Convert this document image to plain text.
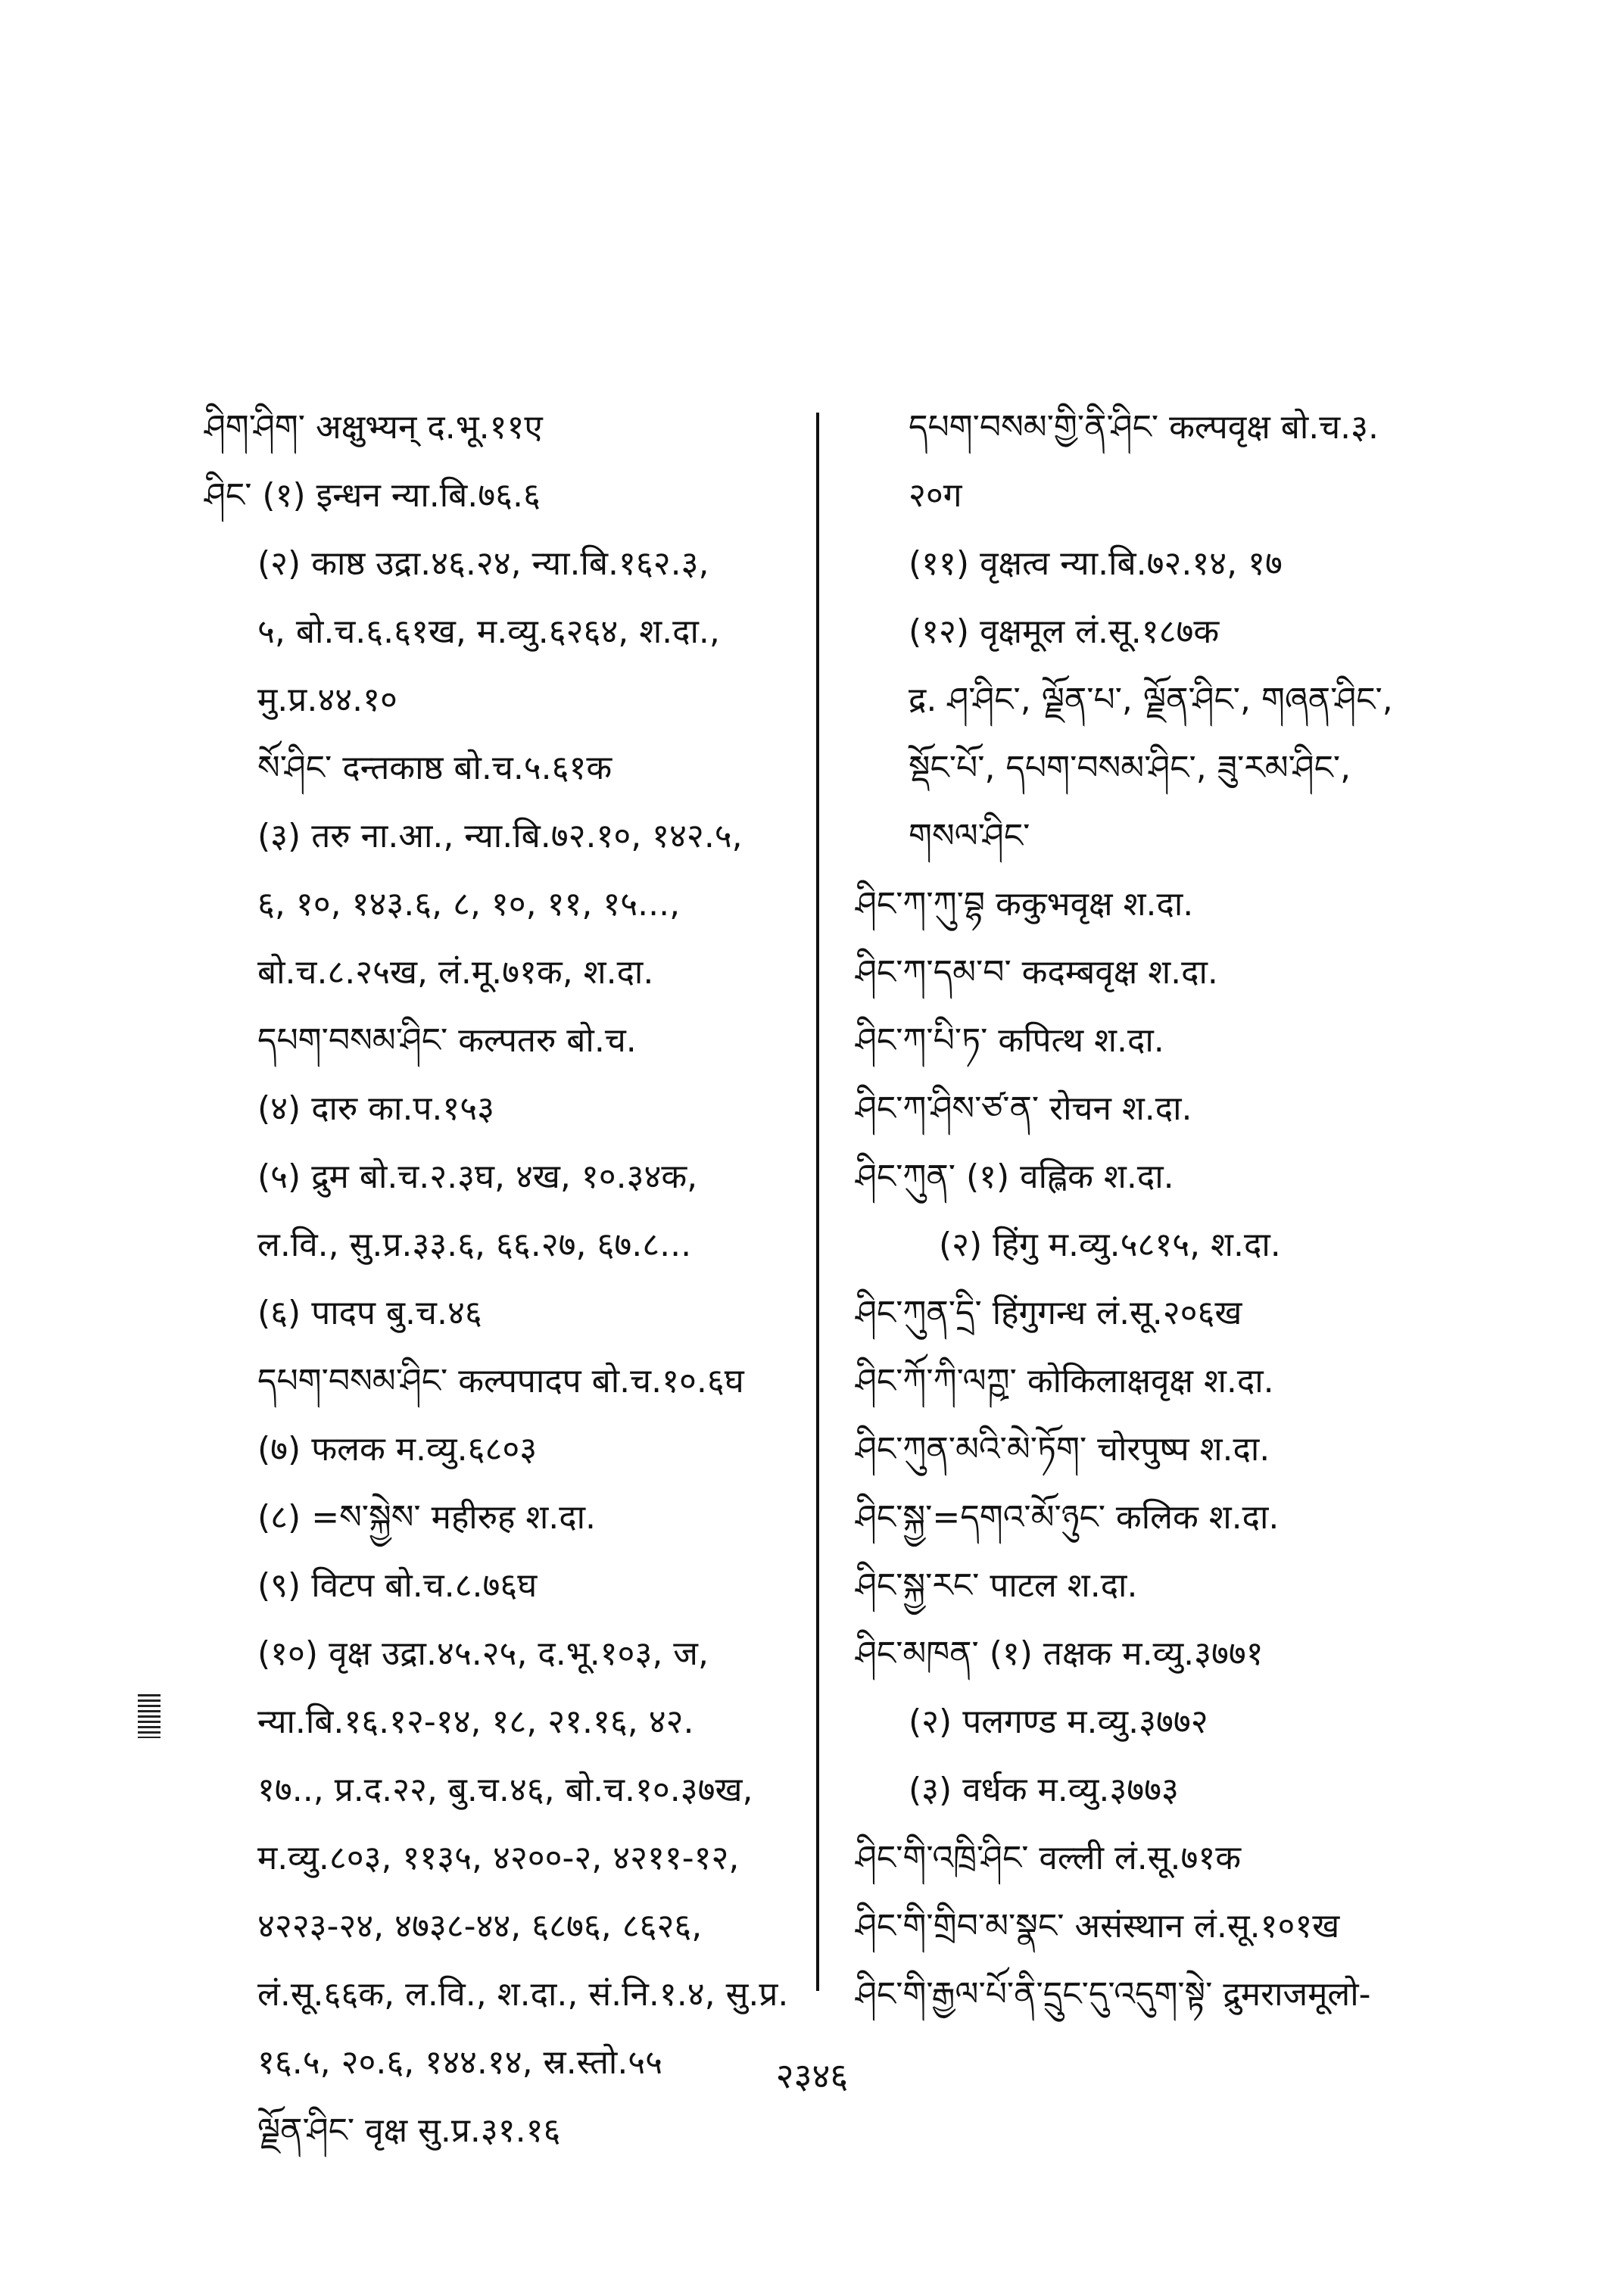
ཤིག་ཤིག་ अक्षुभ्यन् द.भू.११ए
ཤིང་ (१) इन्धन न्या.बि.७६.६
(२) काष्ठ उद्रा.४६.२४, न्या.बि.१६२.३,
५, बो.च.६.६१ख, म.व्यु.६२६४, श.दा.,
मु.प्र.४४.१०
སོ་ཤིང་ दन्तकाष्ठ बो.च.५.६१क
(३) तरु ना.आ., न्या.बि.७२.१०, १४२.५,
६, १०, १४३.६, ८, १०, ११, १५...,
बो.च.८.२५ख, लं.मू.७१क, श.दा.
དཔག་བསམ་ཤིང་ कल्पतरु बो.च.
(४) दारु का.प.१५३
(५) द्रुम बो.च.२.३घ, ४ख, १०.३४क,
ल.वि., सु.प्र.३३.६, ६६.२७, ६७.८...
(६) पादप बु.च.४६
དཔག་བསམ་ཤིང་ कल्पपादप बो.च.१०.६घ
(७) फलक म.व्यु.६८०३
(८) =ས་སྐྱེས་ महीरुह श.दा.
(९) विटप बो.च.८.७६घ
(१०) वृक्ष उद्रा.४५.२५, द.भू.१०३, ज,
न्या.बि.१६.१२-१४, १८, २१.१६, ४२.
१७.., प्र.द.२२, बु.च.४६, बो.च.१०.३७ख,
म.व्यु.८०३, ११३५, ४२००-२, ४२११-१२,
४२२३-२४, ४७३८-४४, ६८७६, ८६२६,
लं.सू.६६क, ल.वि., श.दा., सं.नि.१.४, सु.प्र.
१६.५, २०.६, १४४.१४, स्र.स्तो.५५
ལྗོན་ཤིང་ वृक्ष सु.प्र.३१.१६
དཔག་བསམ་གྱི་ནི་ཤིང་ कल्पवृक्ष बो.च.३.
२०ग
(११) वृक्षत्व न्या.बि.७२.१४, १७
(१२) वृक्षमूल लं.सू.१८७क
द्र. ཤ་ཤིང་, ལྗོན་པ་, ལྗོན་ཤིང་, གཞན་ཤིང་,
སྡོང་པོ་, དཔག་བསམ་ཤིང་, ཟུ་རམ་ཤིང་,
གསལ་ཤིང་
ཤིང་ཀ་ཀུ་བྷ ककुभवृक्ष श.दा.
ཤིང་ཀ་དམ་བ་ कदम्बवृक्ष श.दा.
ཤིང་ཀ་པི་ཏ་ कपित्थ श.दा.
ཤིང་ཀ་ཤིས་ཙ་ན་ रोचन श.दा.
ཤིང་ཀུན་ (१) वह्लिक श.दा.
(२) हिंगु म.व्यु.५८१५, श.दा.
ཤིང་ཀུན་དྲི་ हिंगुगन्ध लं.सू.२०६ख
ཤིང་ཀོ་ཀི་ལཀྵ་ कोकिलाक्षवृक्ष श.दा.
ཤིང་ཀུན་མའི་མེ་ཏོག་ चोरपुष्प श.दा.
ཤིང་སྐྱ་=དགའ་མོ་ཉུང་ कलिक श.दा.
ཤིང་སྐྱ་རང་ पाटल श.दा.
ཤིང་མཁན་ (१) तक्षक म.व्यु.३७७१
(२) पलगण्ड म.व्यु.३७७२
(३) वर्धक म.व्यु.३७७३
ཤིང་གི་འཁྲི་ཤིང་ वल्ली लं.सू.७१क
ཤིང་གི་གྲིབ་མ་སྣང་ असंस्थान लं.सू.१०१ख
ཤིང་གི་རྒྱལ་པོ་ནི་དྲུང་དུ་འདུག་སྟེ་ द्रुमराजमूलो-
२३४६
